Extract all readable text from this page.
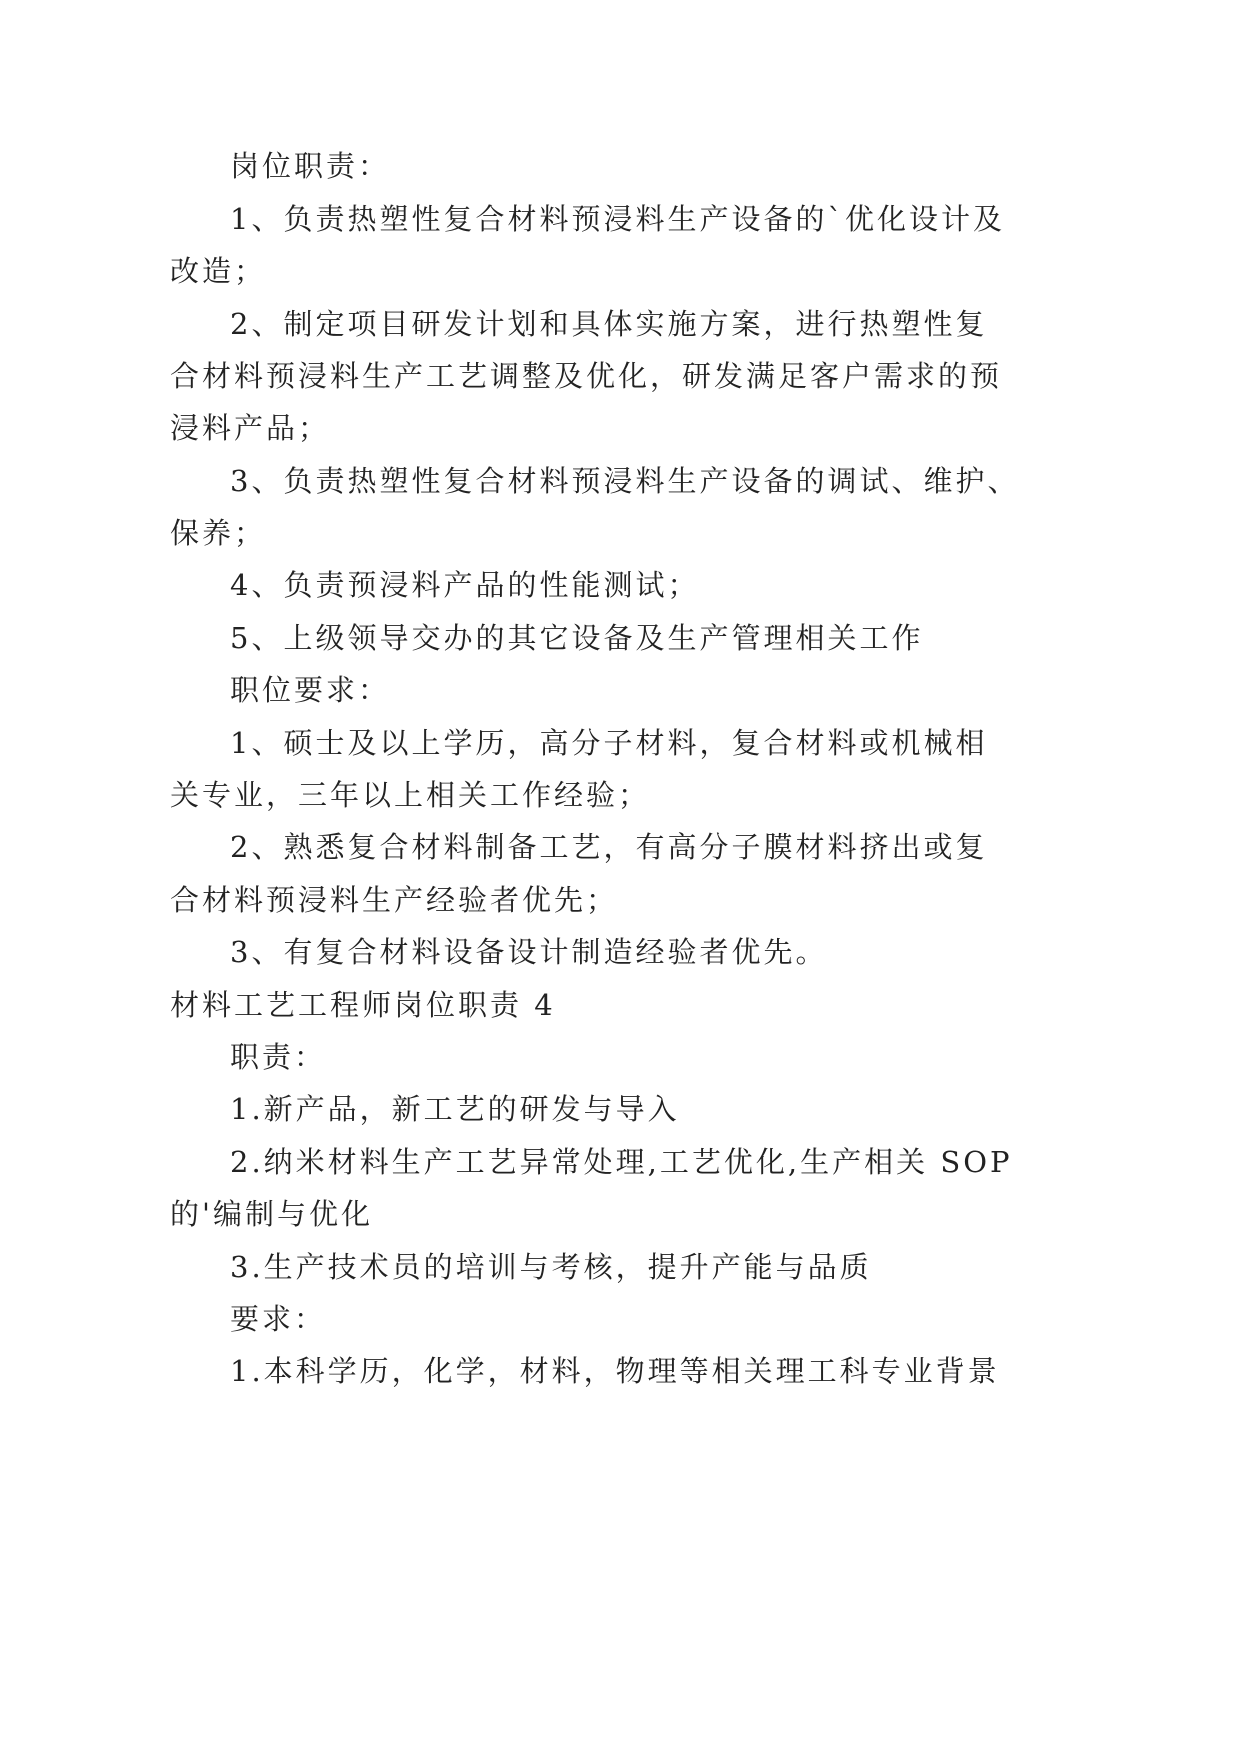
岗位职责：
1、负责热塑性复合材料预浸料生产设备的`优化设计及
改造；
2、制定项目研发计划和具体实施方案，进行热塑性复
合材料预浸料生产工艺调整及优化，研发满足客户需求的预
浸料产品；
3、负责热塑性复合材料预浸料生产设备的调试、维护、
保养；
4、负责预浸料产品的性能测试；
5、上级领导交办的其它设备及生产管理相关工作
职位要求：
1、硕士及以上学历，高分子材料，复合材料或机械相
关专业，三年以上相关工作经验；
2、熟悉复合材料制备工艺，有高分子膜材料挤出或复
合材料预浸料生产经验者优先；
3、有复合材料设备设计制造经验者优先。
材料工艺工程师岗位职责 4
职责：
1.新产品，新工艺的研发与导入
2.纳米材料生产工艺异常处理,工艺优化,生产相关 SOP
的'编制与优化
3.生产技术员的培训与考核，提升产能与品质
要求：
1.本科学历，化学，材料，物理等相关理工科专业背景
